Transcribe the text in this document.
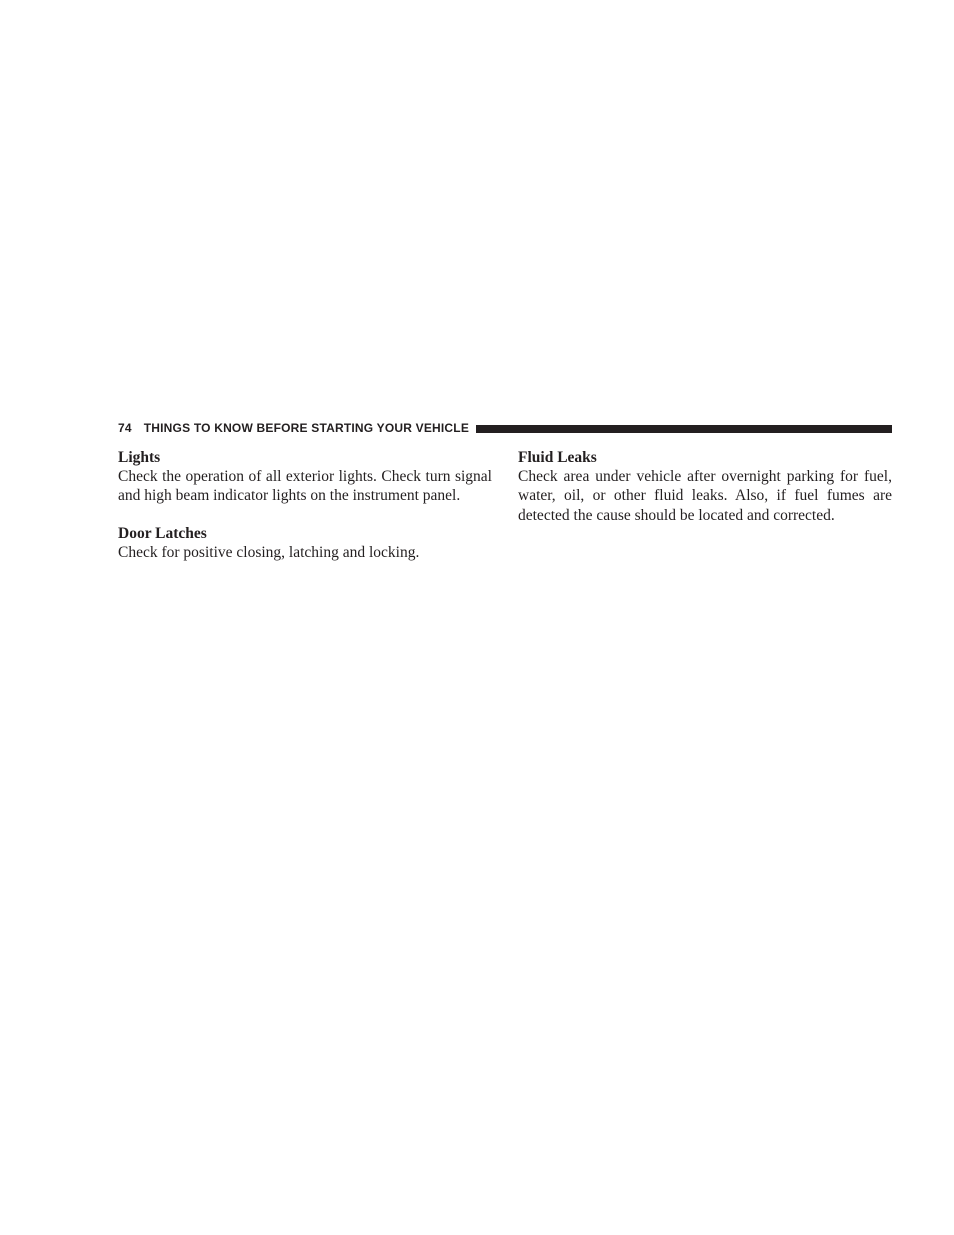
74 THINGS TO KNOW BEFORE STARTING YOUR VEHICLE
Lights

Check the operation of all exterior lights. Check turn signal and high beam indicator lights on the instrument panel.

Door Latches

Check for positive closing, latching and locking.

Fluid Leaks

Check area under vehicle after overnight parking for fuel, water, oil, or other fluid leaks. Also, if fuel fumes are detected the cause should be located and corrected.
